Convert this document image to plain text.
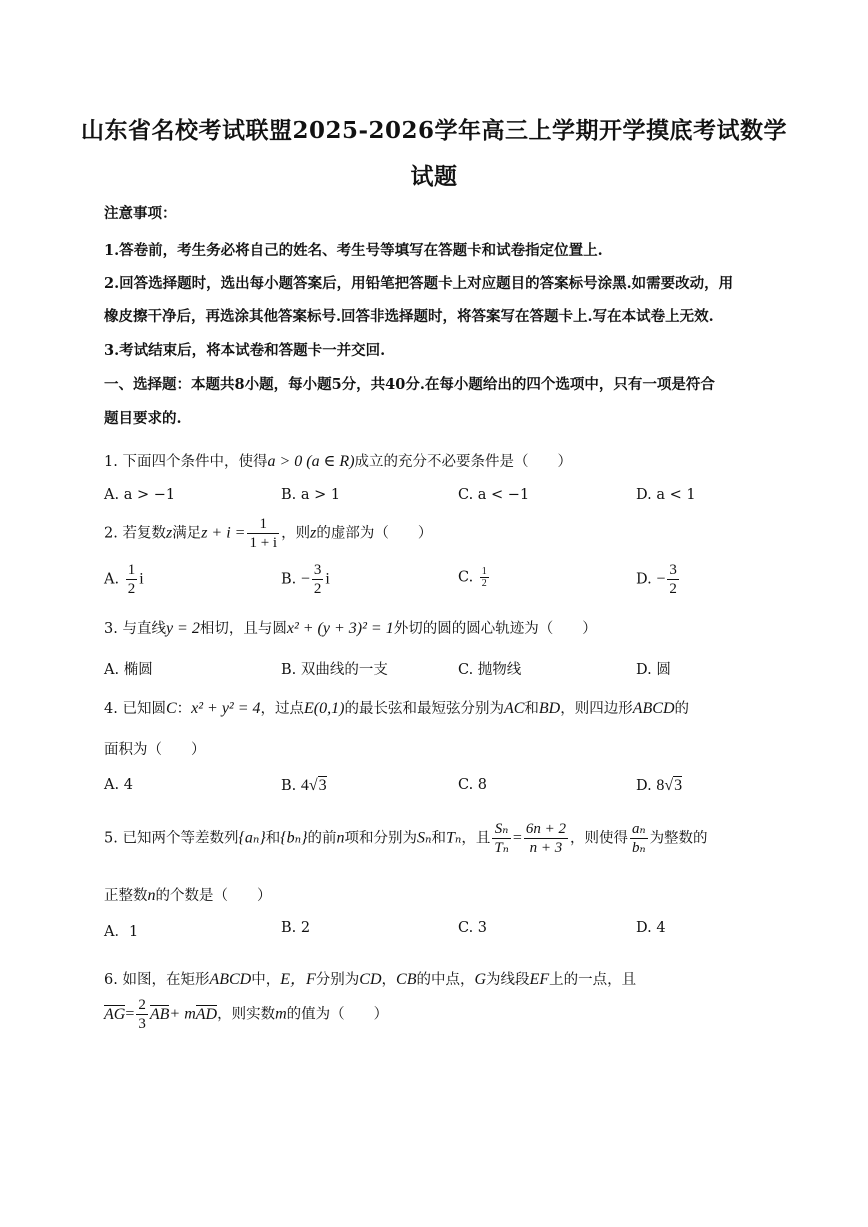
山东省名校考试联盟2025-2026学年高三上学期开学摸底考试数学
试题
注意事项：
1.答卷前，考生务必将自己的姓名、考生号等填写在答题卡和试卷指定位置上.
2.回答选择题时，选出每小题答案后，用铅笔把答题卡上对应题目的答案标号涂黑.如需要改动，用
橡皮擦干净后，再选涂其他答案标号.回答非选择题时，将答案写在答题卡上.写在本试卷上无效.
3.考试结束后，将本试卷和答题卡一并交回.
一、选择题：本题共8小题，每小题5分，共40分.在每小题给出的四个选项中，只有一项是符合
题目要求的.
1. 下面四个条件中，使得a > 0 (a ∈ R)成立的充分不必要条件是（　　）
A. a > −1	B. a > 1	C. a < −1	D. a < 1
2. 若复数z满足$z + i = \frac{1}{1 + i}$ ，则z的虚部为（　　）
A. $\frac{1}{2}$ i	B. − $\frac{3}{2}$ i	C. $\frac{1}{2}$	D. − $\frac{3}{2}$
3. 与直线y = 2相切，且与圆x² + (y + 3)² = 1外切的圆的圆心轨迹为（　　）
A. 椭圆	B. 双曲线的一支	C. 抛物线	D. 圆
4. 已知圆C：x² + y² = 4，过点E(0,1)的最长弦和最短弦分别为AC和BD，则四边形ABCD的
面积为（　　）
A. 4	B. 4√3	C. 8	D. 8√3
5. 已知两个等差数列{aₙ}和{bₙ}的前n项和分别为Sₙ和Tₙ，且 $\frac{\text{Sₙ}}{\text{Tₙ}} = \frac{6n + 2}{n + 3}$ ，则使得 $\frac{\text{aₙ}}{\text{bₙ}}$ 为整数的
正整数n的个数是（　　）
A．1	B. 2	C. 3	D. 4
6. 如图，在矩形ABCD中，E，F分别为CD，CB的中点，G为线段EF上的一点，且
$AG= \frac{2}{3} AB+$ mAD，则实数m的值为（　　）
